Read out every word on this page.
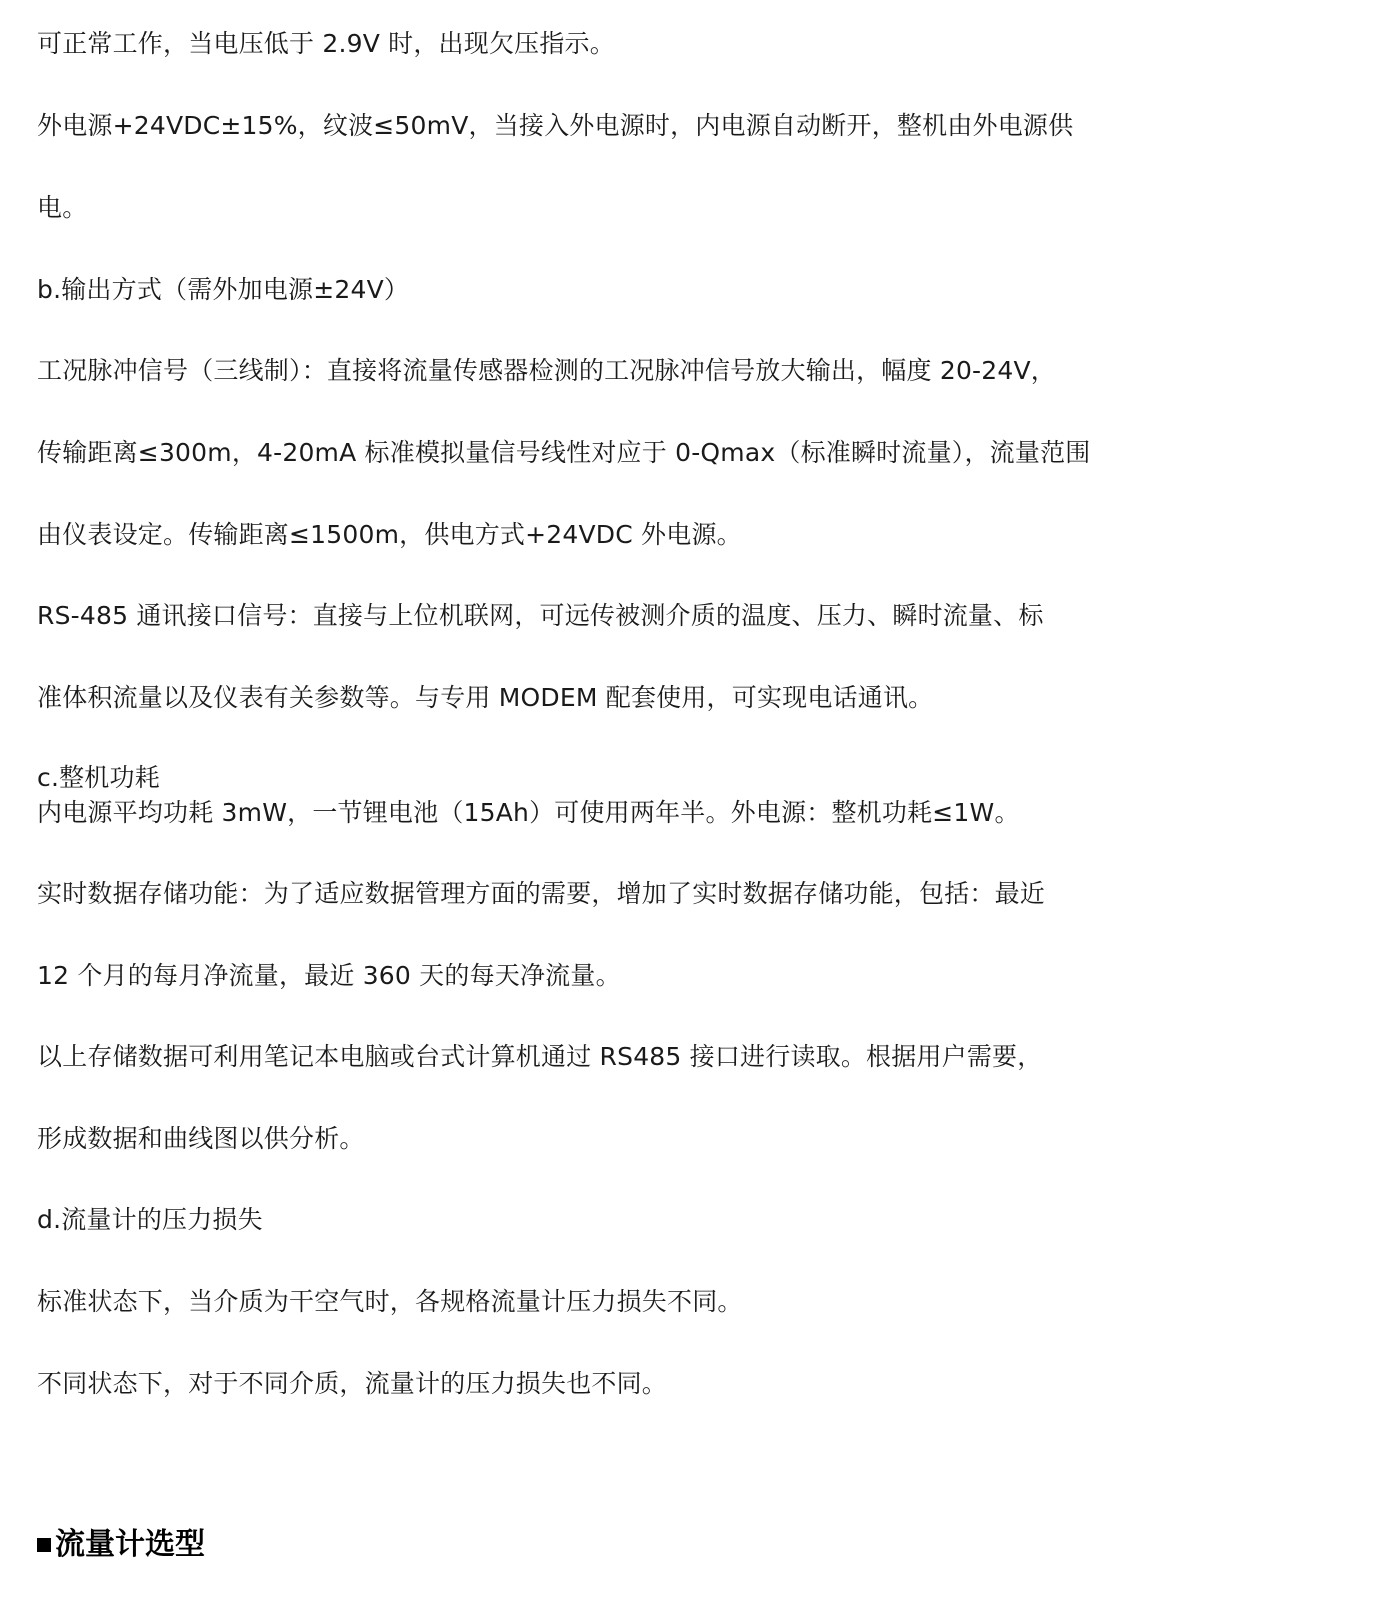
可正常工作，当电压低于 2.9V 时，出现欠压指示。
外电源+24VDC±15%，纹波≤50mV，当接入外电源时，内电源自动断开，整机由外电源供
电。
b.输出方式（需外加电源±24V）
工况脉冲信号（三线制）：直接将流量传感器检测的工况脉冲信号放大输出，幅度 20-24V，
传输距离≤300m，4-20mA 标准模拟量信号线性对应于 0-Qmax（标准瞬时流量），流量范围
由仪表设定。传输距离≤1500m，供电方式+24VDC 外电源。
RS-485 通讯接口信号：直接与上位机联网，可远传被测介质的温度、压力、瞬时流量、标
准体积流量以及仪表有关参数等。与专用 MODEM 配套使用，可实现电话通讯。
c.整机功耗
内电源平均功耗 3mW，一节锂电池（15Ah）可使用两年半。外电源：整机功耗≤1W。
实时数据存储功能：为了适应数据管理方面的需要，增加了实时数据存储功能，包括：最近
12 个月的每月净流量，最近 360 天的每天净流量。
以上存储数据可利用笔记本电脑或台式计算机通过 RS485 接口进行读取。根据用户需要，
形成数据和曲线图以供分析。
d.流量计的压力损失
标准状态下，当介质为干空气时，各规格流量计压力损失不同。
不同状态下，对于不同介质，流量计的压力损失也不同。
流量计选型
